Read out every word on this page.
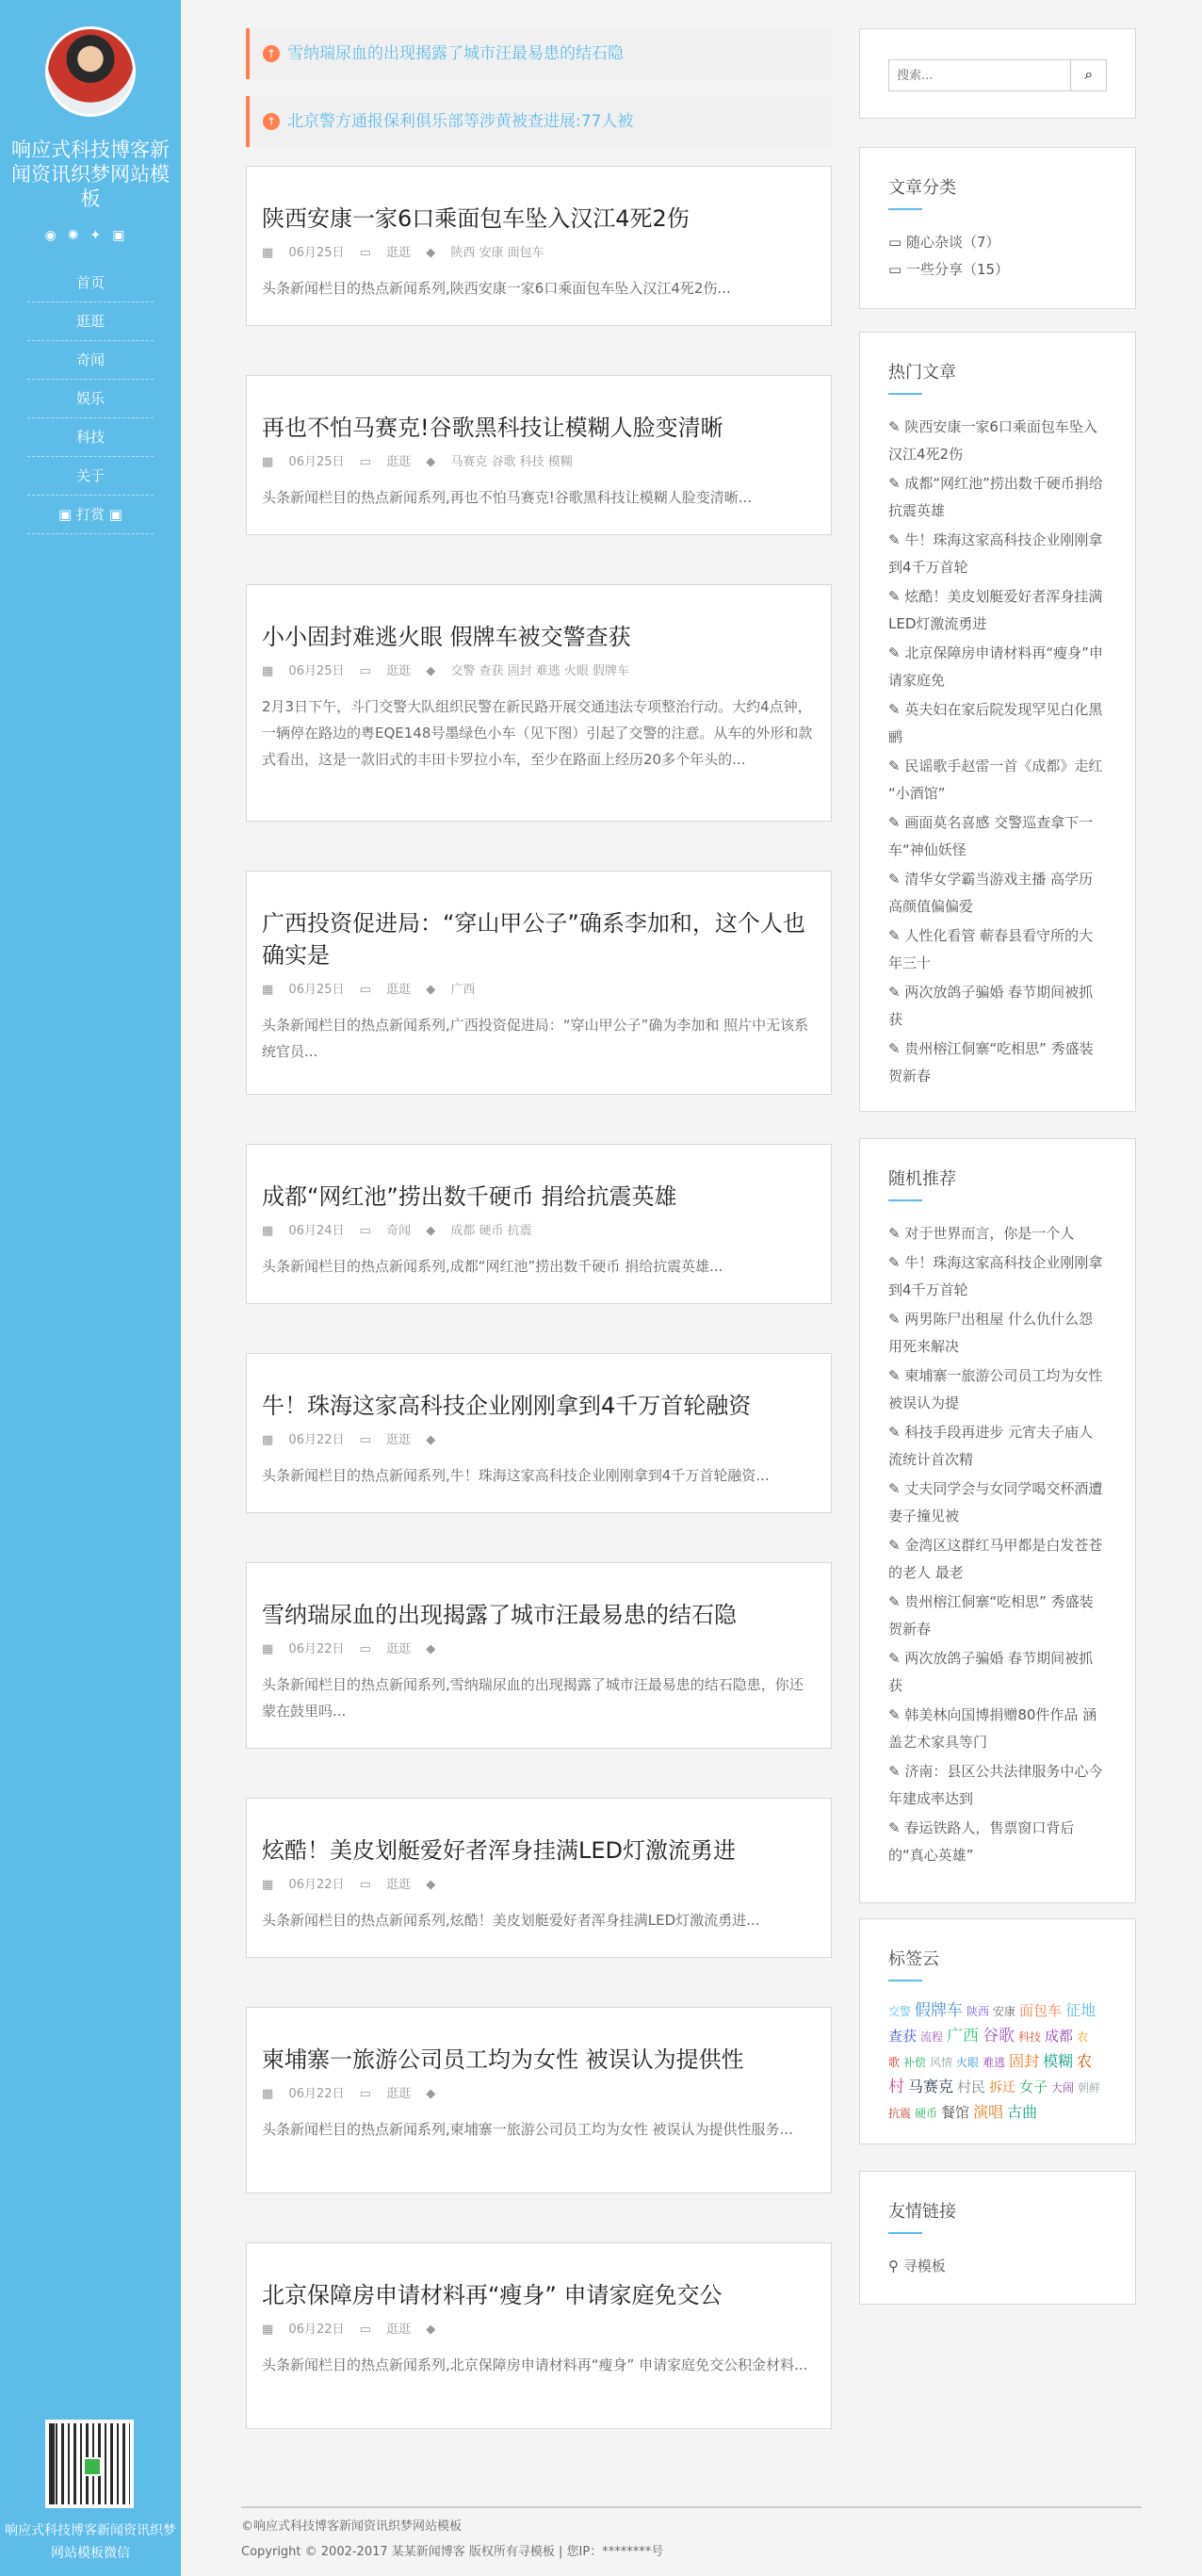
响应式科技博客新闻资讯织梦网站模板
◉✺✦▣
首页
逛逛
奇闻
娱乐
科技
关于
▣ 打赏 ▣
响应式科技博客新闻资讯织梦网站模板微信
↑ 雪纳瑞尿血的出现揭露了城市汪最易患的结石隐
↑ 北京警方通报保利俱乐部等涉黄被查进展:77人被
陕西安康一家6口乘面包车坠入汉江4死2伤
▦ 06月25日 ▭ 逛逛 ◆ 陕西 安康 面包车

头条新闻栏目的热点新闻系列,陕西安康一家6口乘面包车坠入汉江4死2伤...

再也不怕马赛克!谷歌黑科技让模糊人脸变清晰
▦ 06月25日 ▭ 逛逛 ◆ 马赛克 谷歌 科技 模糊

头条新闻栏目的热点新闻系列,再也不怕马赛克!谷歌黑科技让模糊人脸变清晰...

小小固封难逃火眼 假牌车被交警查获
▦ 06月25日 ▭ 逛逛 ◆ 交警 查获 固封 难逃 火眼 假牌车

2月3日下午，斗门交警大队组织民警在新民路开展交通违法专项整治行动。大约4点钟，一辆停在路边的粤EQE148号墨绿色小车（见下图）引起了交警的注意。从车的外形和款式看出，这是一款旧式的丰田卡罗拉小车，至少在路面上经历20多个年头的...

广西投资促进局：“穿山甲公子”确系李加和，这个人也确实是
▦ 06月25日 ▭ 逛逛 ◆ 广西

头条新闻栏目的热点新闻系列,广西投资促进局：“穿山甲公子”确为李加和 照片中无该系统官员...

成都“网红池”捞出数千硬币 捐给抗震英雄
▦ 06月24日 ▭ 奇闻 ◆ 成都 硬币 抗震

头条新闻栏目的热点新闻系列,成都“网红池”捞出数千硬币 捐给抗震英雄...

牛！珠海这家高科技企业刚刚拿到4千万首轮融资
▦ 06月22日 ▭ 逛逛 ◆

头条新闻栏目的热点新闻系列,牛！珠海这家高科技企业刚刚拿到4千万首轮融资...

雪纳瑞尿血的出现揭露了城市汪最易患的结石隐
▦ 06月22日 ▭ 逛逛 ◆

头条新闻栏目的热点新闻系列,雪纳瑞尿血的出现揭露了城市汪最易患的结石隐患，你还蒙在鼓里吗...

炫酷！美皮划艇爱好者浑身挂满LED灯激流勇进
▦ 06月22日 ▭ 逛逛 ◆

头条新闻栏目的热点新闻系列,炫酷！美皮划艇爱好者浑身挂满LED灯激流勇进...

柬埔寨一旅游公司员工均为女性 被误认为提供性
▦ 06月22日 ▭ 逛逛 ◆

头条新闻栏目的热点新闻系列,柬埔寨一旅游公司员工均为女性 被误认为提供性服务...

北京保障房申请材料再“瘦身” 申请家庭免交公
▦ 06月22日 ▭ 逛逛 ◆

头条新闻栏目的热点新闻系列,北京保障房申请材料再“瘦身” 申请家庭免交公积金材料...

搜索...
⌕
文章分类
▭ 随心杂谈（7）
▭ 一些分享（15）
热门文章
✎ 陕西安康一家6口乘面包车坠入汉江4死2伤
✎ 成都“网红池”捞出数千硬币捐给抗震英雄
✎ 牛！珠海这家高科技企业刚刚拿到4千万首轮
✎ 炫酷！美皮划艇爱好者浑身挂满LED灯激流勇进
✎ 北京保障房申请材料再“瘦身”申请家庭免
✎ 英夫妇在家后院发现罕见白化黑鹂
✎ 民谣歌手赵雷一首《成都》走红 “小酒馆”
✎ 画面莫名喜感 交警巡查拿下一车“神仙妖怪
✎ 清华女学霸当游戏主播 高学历高颜值偏偏爱
✎ 人性化看管 蕲春县看守所的大年三十
✎ 两次放鸽子骗婚 春节期间被抓获
✎ 贵州榕江侗寨“吃相思” 秀盛装贺新春
随机推荐
✎ 对于世界而言，你是一个人
✎ 牛！珠海这家高科技企业刚刚拿到4千万首轮
✎ 两男陈尸出租屋 什么仇什么怨用死来解决
✎ 柬埔寨一旅游公司员工均为女性 被误认为提
✎ 科技手段再进步 元宵夫子庙人流统计首次精
✎ 丈夫同学会与女同学喝交杯酒遭妻子撞见被
✎ 金湾区这群红马甲都是白发苍苍的老人 最老
✎ 贵州榕江侗寨“吃相思” 秀盛装贺新春
✎ 两次放鸽子骗婚 春节期间被抓获
✎ 韩美林向国博捐赠80件作品 涵盖艺术家具等门
✎ 济南：县区公共法律服务中心今年建成率达到
✎ 春运铁路人，售票窗口背后的“真心英雄”
标签云
交警 假牌车 陕西 安康 面包车 征地查获 流程 广西 谷歌 科技 成都 农歌 补偿 风情 火眼 难逃 固封 模糊 农村 马赛克 村民 拆迁 女子 大闹 朝鲜抗震 硬币 餐馆 演唱 古曲
友情链接
⚲ 寻模板
©响应式科技博客新闻资讯织梦网站模板
Copyright © 2002-2017 某某新闻博客 版权所有寻模板 | 您IP：********号
